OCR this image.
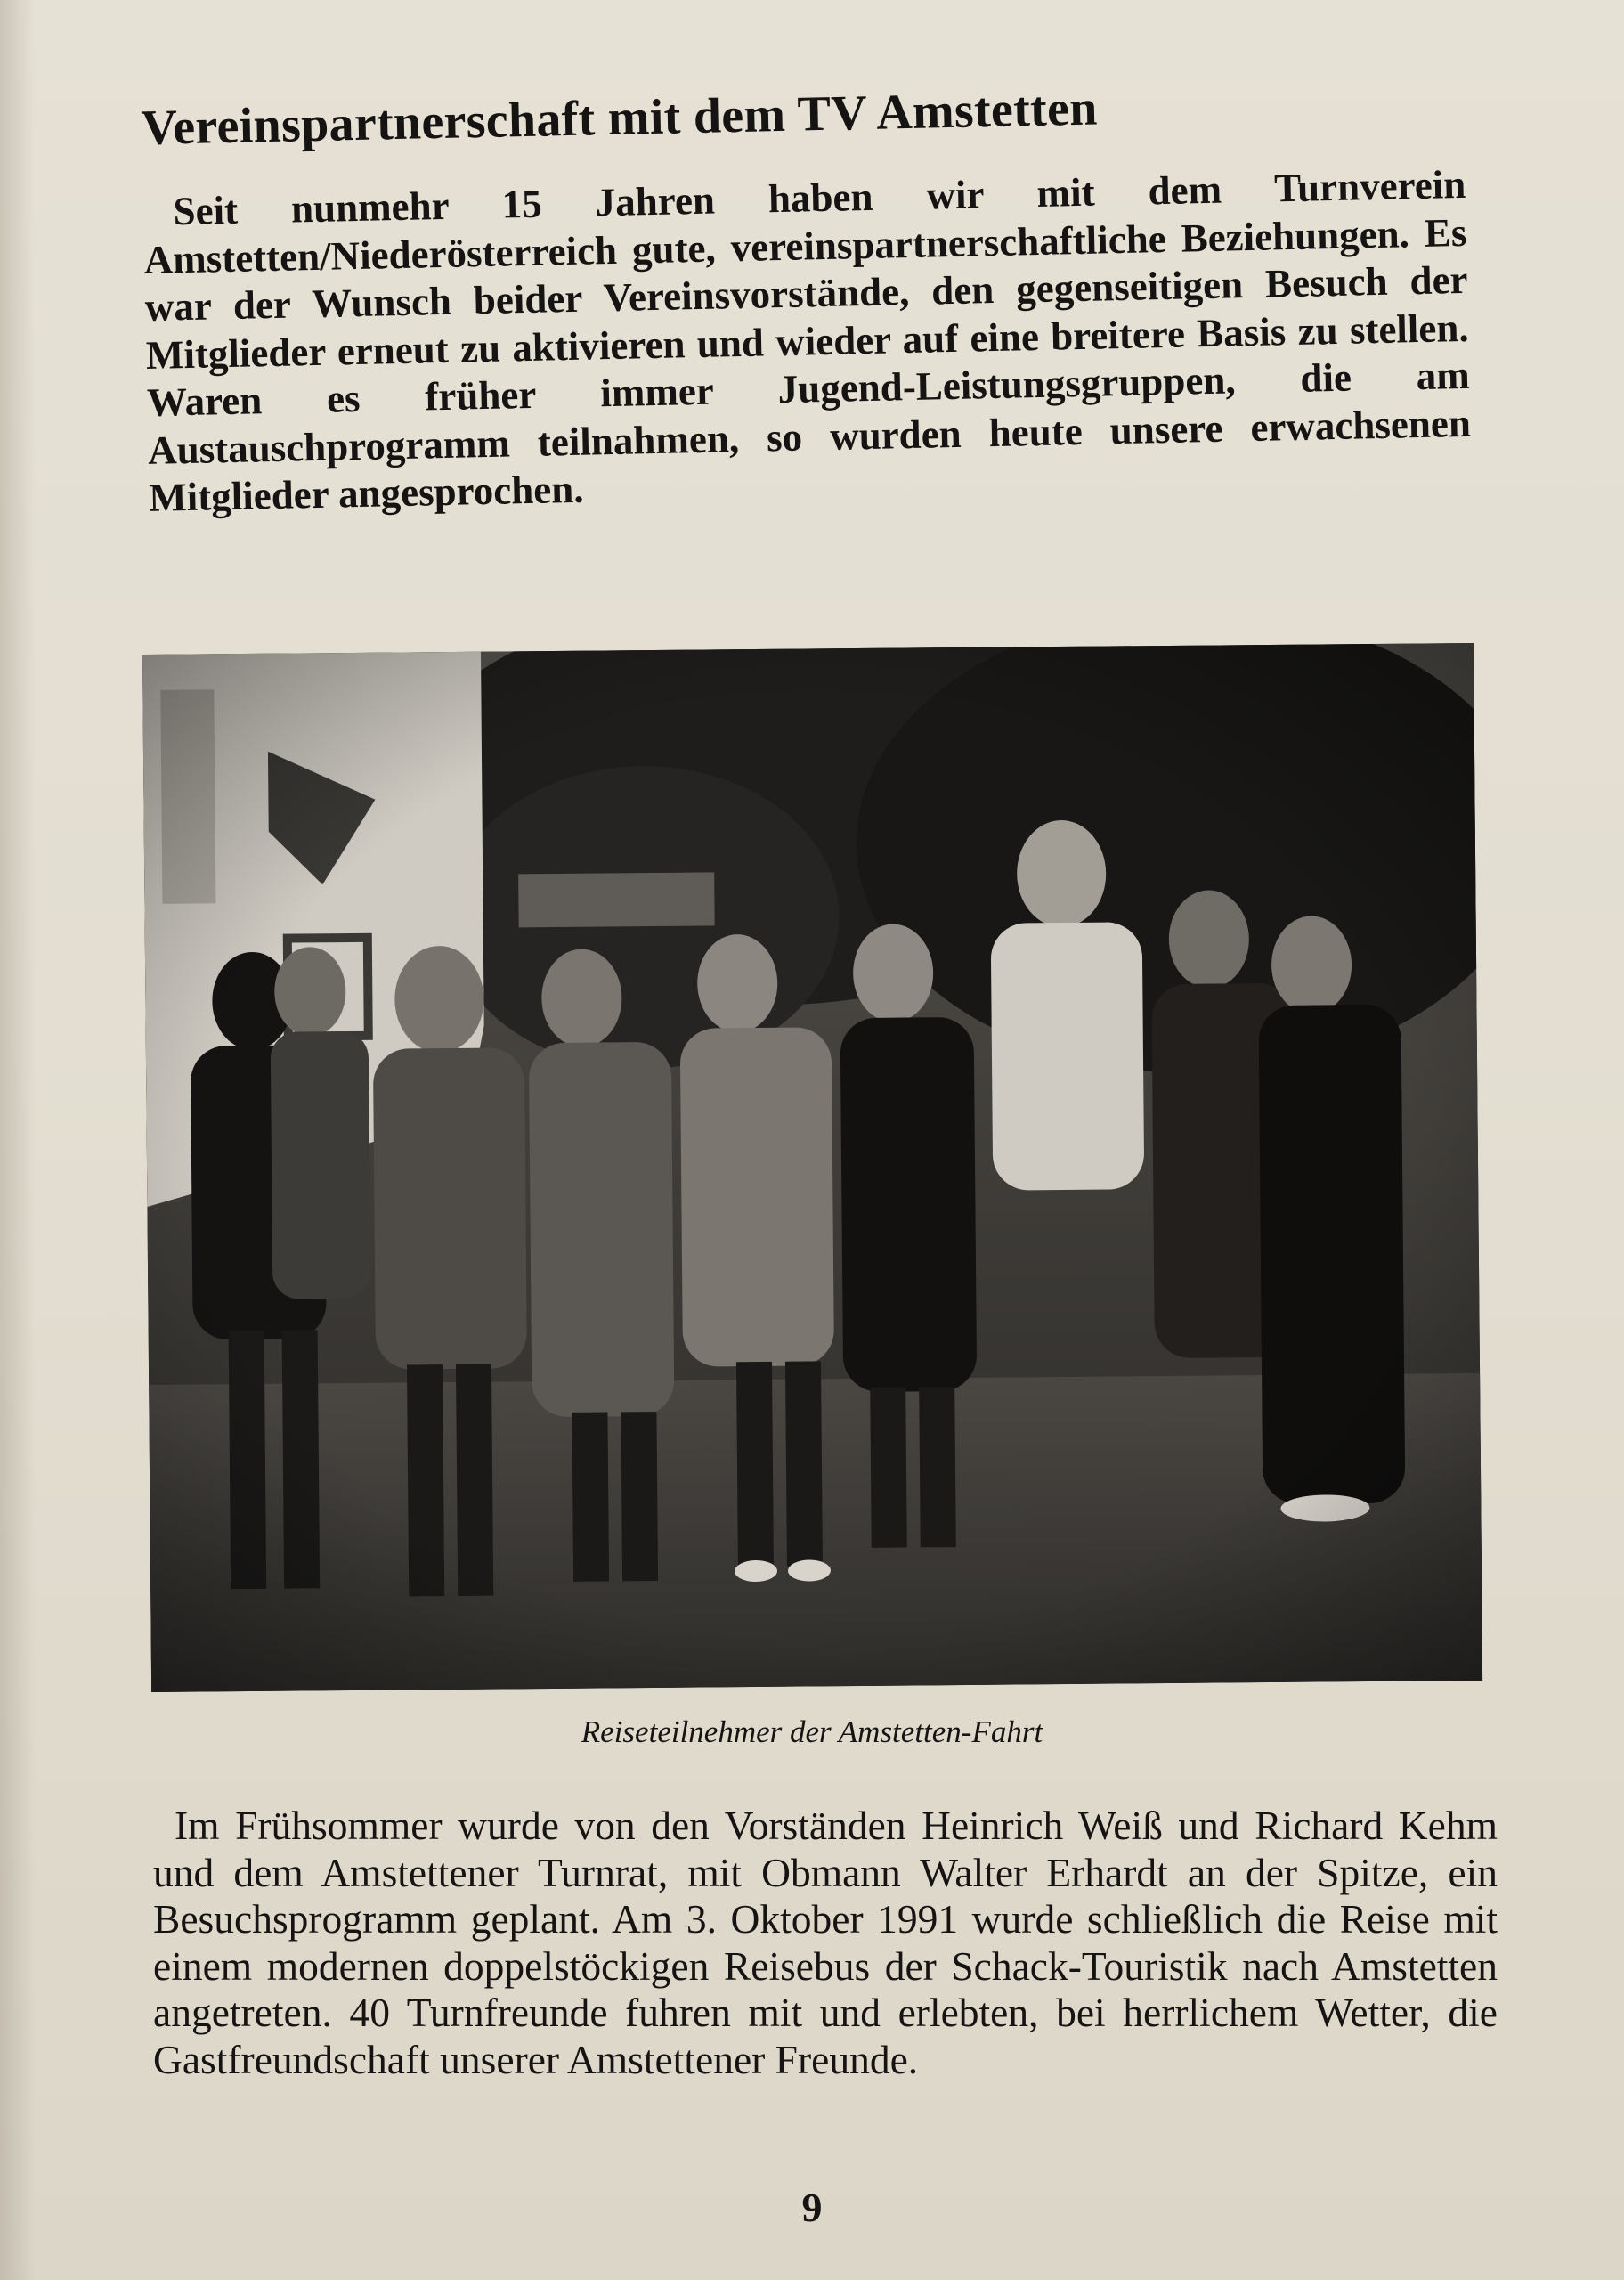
Vereinspartnerschaft mit dem TV Amstetten

Seit nunmehr 15 Jahren haben wir mit dem Turnverein Amstetten/Niederösterreich gute, vereinspartnerschaftliche Beziehungen. Es war der Wunsch beider Vereinsvorstände, den gegenseitigen Besuch der Mitglieder erneut zu aktivieren und wieder auf eine breitere Basis zu stellen. Waren es früher immer Jugend-Leistungsgruppen, die am Austauschprogramm teilnahmen, so wurden heute unsere erwachsenen Mitglieder angesprochen.

Reiseteilnehmer der Amstetten-Fahrt

Im Frühsommer wurde von den Vorständen Heinrich Weiß und Richard Kehm und dem Amstettener Turnrat, mit Obmann Walter Erhardt an der Spitze, ein Besuchsprogramm geplant. Am 3. Oktober 1991 wurde schließlich die Reise mit einem modernen doppelstöckigen Reisebus der Schack-Touristik nach Amstetten angetreten. 40 Turnfreunde fuhren mit und erlebten, bei herrlichem Wetter, die Gastfreundschaft unserer Amstettener Freunde.

9
